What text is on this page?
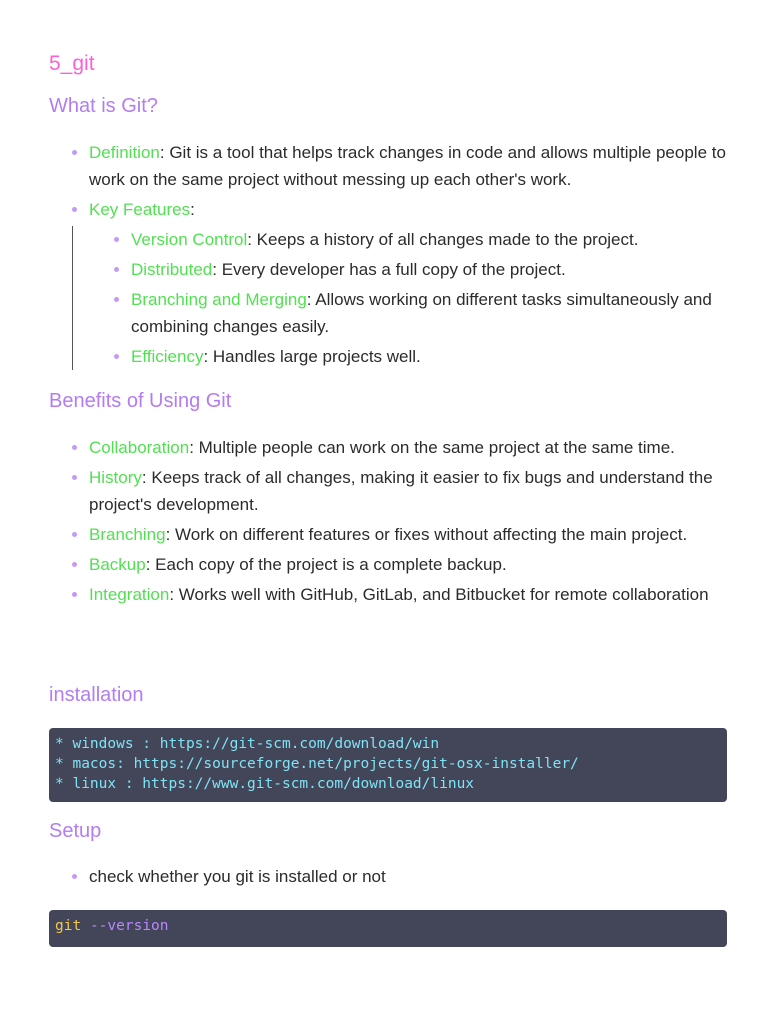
5_git
What is Git?
Definition: Git is a tool that helps track changes in code and allows multiple people to work on the same project without messing up each other's work.
Key Features:
Version Control: Keeps a history of all changes made to the project.
Distributed: Every developer has a full copy of the project.
Branching and Merging: Allows working on different tasks simultaneously and combining changes easily.
Efficiency: Handles large projects well.
Benefits of Using Git
Collaboration: Multiple people can work on the same project at the same time.
History: Keeps track of all changes, making it easier to fix bugs and understand the project's development.
Branching: Work on different features or fixes without affecting the main project.
Backup: Each copy of the project is a complete backup.
Integration: Works well with GitHub, GitLab, and Bitbucket for remote collaboration
installation
* windows : https://git-scm.com/download/win
* macos: https://sourceforge.net/projects/git-osx-installer/
* linux : https://www.git-scm.com/download/linux
Setup
check whether you git is installed or not
git --version
